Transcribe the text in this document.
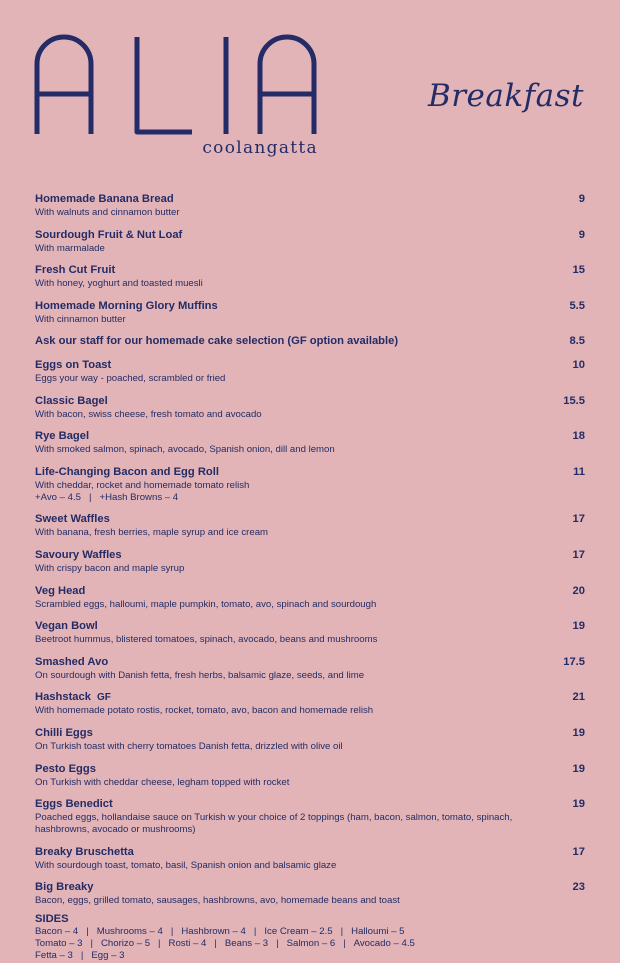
coolangatta
Breakfast
Homemade Banana Bread	9
With walnuts and cinnamon butter
Sourdough Fruit & Nut Loaf	9
With marmalade
Fresh Cut Fruit	15
With honey, yoghurt and toasted muesli
Homemade Morning Glory Muffins	5.5
With cinnamon butter
Ask our staff for our homemade cake selection (GF option available)	8.5
Eggs on Toast	10
Eggs your way - poached, scrambled or fried
Classic Bagel	15.5
With bacon, swiss cheese, fresh tomato and avocado
Rye Bagel	18
With smoked salmon, spinach, avocado, Spanish onion, dill and lemon
Life-Changing Bacon and Egg Roll	11
With cheddar, rocket and homemade tomato relish
+Avo – 4.5 | +Hash Browns – 4
Sweet Waffles	17
With banana, fresh berries, maple syrup and ice cream
Savoury Waffles	17
With crispy bacon and maple syrup
Veg Head	20
Scrambled eggs, halloumi, maple pumpkin, tomato, avo, spinach and sourdough
Vegan Bowl	19
Beetroot hummus, blistered tomatoes, spinach, avocado, beans and mushrooms
Smashed Avo	17.5
On sourdough with Danish fetta, fresh herbs, balsamic glaze, seeds, and lime
Hashstack GF	21
With homemade potato rostis, rocket, tomato, avo, bacon and homemade relish
Chilli Eggs	19
On Turkish toast with cherry tomatoes Danish fetta, drizzled with olive oil
Pesto Eggs	19
On Turkish with cheddar cheese, legham topped with rocket
Eggs Benedict	19
Poached eggs, hollandaise sauce on Turkish w your choice of 2 toppings (ham, bacon, salmon, tomato, spinach, hashbrowns, avocado or mushrooms)
Breaky Bruschetta	17
With sourdough toast, tomato, basil, Spanish onion and balsamic glaze
Big Breaky	23
Bacon, eggs, grilled tomato, sausages, hashbrowns, avo, homemade beans and toast
SIDES
Bacon – 4 | Mushrooms – 4 | Hashbrown – 4 | Ice Cream – 2.5 | Halloumi – 5
Tomato – 3 | Chorizo – 5 | Rosti – 4 | Beans – 3 | Salmon – 6 | Avocado – 4.5
Fetta – 3 | Egg – 3
